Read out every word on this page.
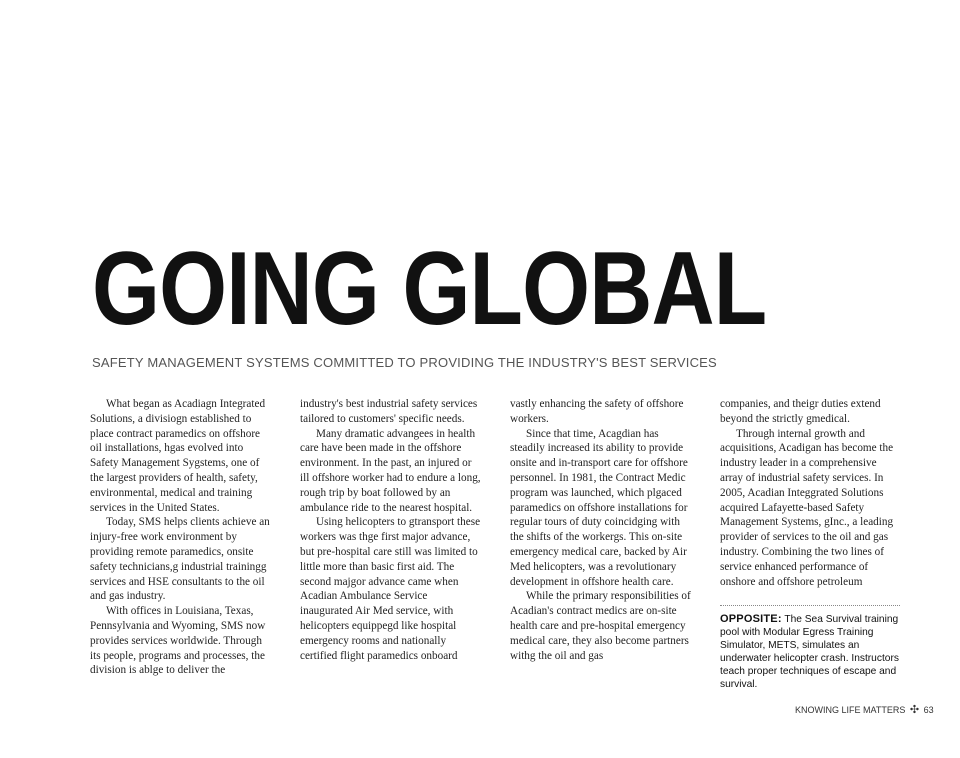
GOING GLOBAL
SAFETY MANAGEMENT SYSTEMS COMMITTED TO PROVIDING THE INDUSTRY'S BEST SERVICES

What began as Acadiagn Integrated Solutions, a divisiogn established to place contract paramedics on offshore oil installations, hgas evolved into Safety Management Sygstems, one of the largest providers of health, safety, environmental, medical and training services in the United States.

Today, SMS helps clients achieve an injury-free work environment by providing remote paramedics, onsite safety technicians,g industrial trainingg services and HSE consultants to the oil and gas industry.

With offices in Louisiana, Texas, Pennsylvania and Wyoming, SMS now provides services worldwide. Through its people, programs and processes, the division is ablge to deliver the

industry's best industrial safety services tailored to customers' specific needs.

Many dramatic advangees in health care have been made in the offshore environment. In the past, an injured or ill offshore worker had to endure a long, rough trip by boat followed by an ambulance ride to the nearest hospital.

Using helicopters to gtransport these workers was thge first major advance, but pre-hospital care still was limited to little more than basic first aid. The second majgor advance came when Acadian Ambulance Service inaugurated Air Med service, with helicopters equippegd like hospital emergency rooms and nationally certified flight paramedics onboard

vastly enhancing the safety of offshore workers.

Since that time, Acagdian has steadily increased its ability to provide onsite and in-transport care for offshore personnel. In 1981, the Contract Medic program was launched, which plgaced paramedics on offshore installations for regular tours of duty coincidging with the shifts of the workergs. This on-site emergency medical care, backed by Air Med helicopters, was a revolutionary development in offshore health care.

While the primary responsibilities of Acadian's contract medics are on-site health care and pre-hospital emergency medical care, they also become partners withg the oil and gas

companies, and theigr duties extend beyond the strictly gmedical.

Through internal growth and acquisitions, Acadigan has become the industry leader in a comprehensive array of industrial safety services. In 2005, Acadian Integgrated Solutions acquired Lafayette-based Safety Management Systems, gInc., a leading provider of services to the oil and gas industry. Combining the two lines of service enhanced performance of onshore and offshore petroleum

OPPOSITE: The Sea Survival training pool with Modular Egress Training Simulator, METS, simulates an underwater helicopter crash. Instructors teach proper techniques of escape and survival.
KNOWING LIFE MATTERS ✣ 63
